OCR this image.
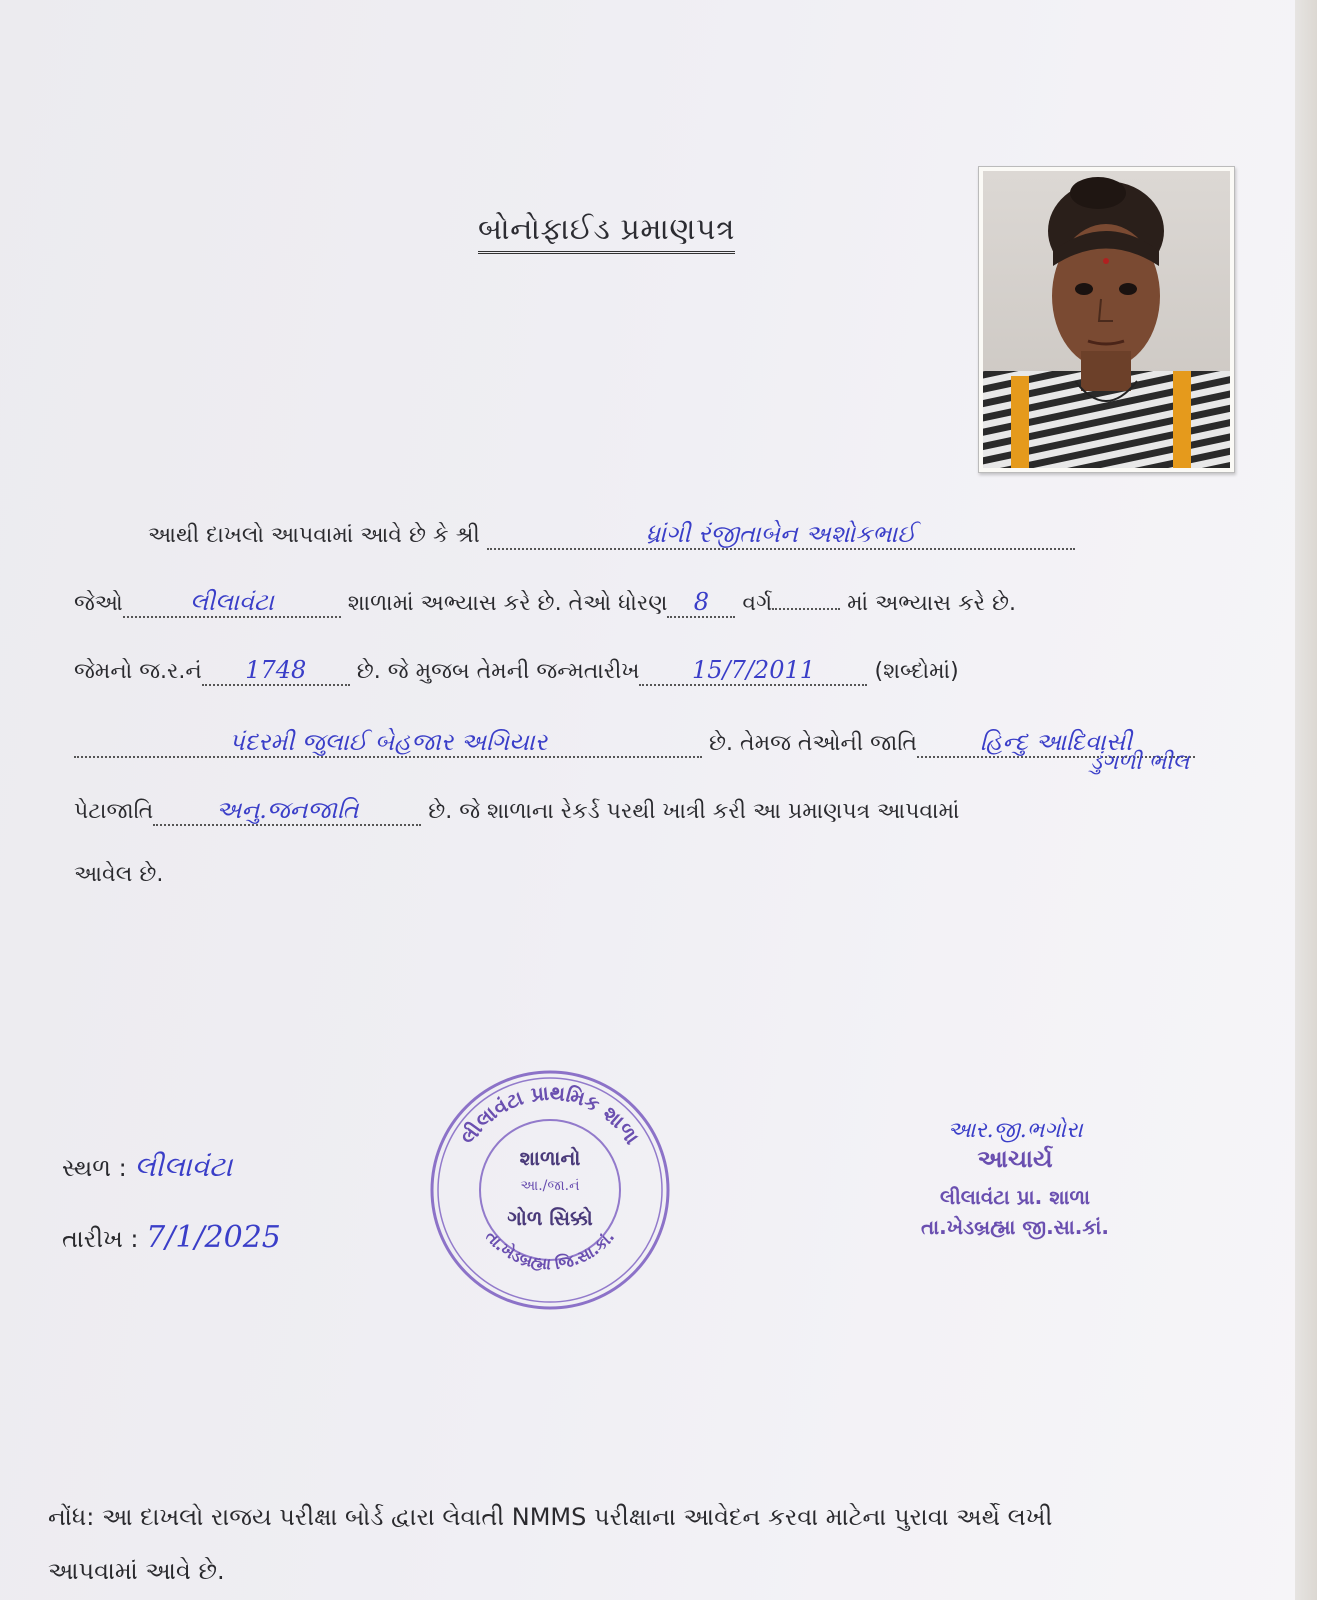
બોનોફાઈડ પ્રમાણપત્ર
આથી દાખલો આપવામાં આવે છે કે શ્રી	ધ્રાંગી રંજીતાબેન અશોકભાઈ
જેઓ	લીલાવંટા	શાળામાં અભ્યાસ કરે છે. તેઓ ધોરણ 8 વર્ગ	માં અભ્યાસ કરે છે.
જેમનો જ.ર.નં 1748 છે. જે મુજબ તેમની જન્મતારીખ 15/7/2011	(શબ્દોમાં)
પંદરમી જુલાઈ બેહજાર અગિયાર	છે. તેમજ તેઓની જાતિ	હિન્દુ આદિવાસી
ડુંગળી ભીલ
પેટાજાતિ	અનુ.જનજાતિ	છે. જે શાળાના રેકર્ડ પરથી ખાત્રી કરી આ પ્રમાણપત્ર આપવામાં
આવેલ છે.
સ્થળ : લીલાવંટા
તારીખ : 7/1/2025
લીલાવંટા પ્રાથમિક શાળા
તા.ખેડબ્રહ્મા જિ.સા.કાં.
શાળાનો
આ./જા.નં
ગોળ સિક્કો
આર.જી.ભગોરા
આચાર્ય
લીલાવંટા પ્રા. શાળા
તા.ખેડબ્રહ્મા જી.સા.કાં.
નોંધ: આ દાખલો રાજય પરીક્ષા બોર્ડ દ્વારા લેવાતી NMMS પરીક્ષાના આવેદન કરવા માટેના પુરાવા અર્થે લખી
આપવામાં આવે છે.
